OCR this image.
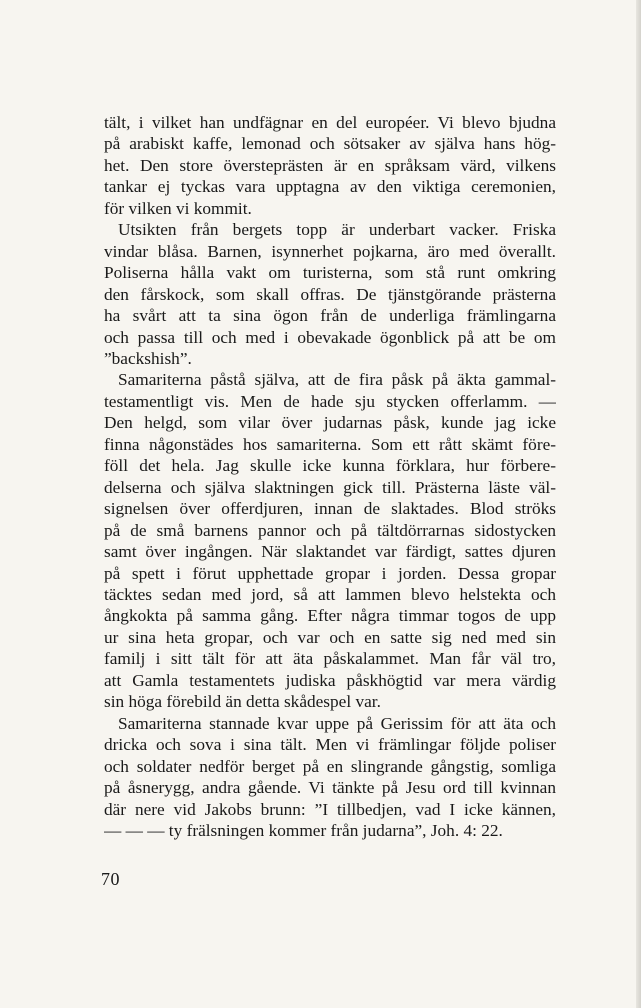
tält, i vilket han undfägnar en del européer. Vi blevo bjudna
på arabiskt kaffe, lemonad och sötsaker av själva hans hög-
het. Den store översteprästen är en språksam värd, vilkens
tankar ej tyckas vara upptagna av den viktiga ceremonien,
för vilken vi kommit.

Utsikten från bergets topp är underbart vacker. Friska
vindar blåsa. Barnen, isynnerhet pojkarna, äro med överallt.
Poliserna hålla vakt om turisterna, som stå runt omkring
den fårskock, som skall offras. De tjänstgörande prästerna
ha svårt att ta sina ögon från de underliga främlingarna
och passa till och med i obevakade ögonblick på att be om
”backshish”.

Samariterna påstå själva, att de fira påsk på äkta gammal-
testamentligt vis. Men de hade sju stycken offerlamm. —
Den helgd, som vilar över judarnas påsk, kunde jag icke
finna någonstädes hos samariterna. Som ett rått skämt före-
föll det hela. Jag skulle icke kunna förklara, hur förbere-
delserna och själva slaktningen gick till. Prästerna läste väl-
signelsen över offerdjuren, innan de slaktades. Blod ströks
på de små barnens pannor och på tältdörrarnas sidostycken
samt över ingången. När slaktandet var färdigt, sattes djuren
på spett i förut upphettade gropar i jorden. Dessa gropar
täcktes sedan med jord, så att lammen blevo helstekta och
ångkokta på samma gång. Efter några timmar togos de upp
ur sina heta gropar, och var och en satte sig ned med sin
familj i sitt tält för att äta påskalammet. Man får väl tro,
att Gamla testamentets judiska påskhögtid var mera värdig
sin höga förebild än detta skådespel var.

Samariterna stannade kvar uppe på Gerissim för att äta och
dricka och sova i sina tält. Men vi främlingar följde poliser
och soldater nedför berget på en slingrande gångstig, somliga
på åsnerygg, andra gående. Vi tänkte på Jesu ord till kvinnan
där nere vid Jakobs brunn: ”I tillbedjen, vad I icke kännen,
— — — ty frälsningen kommer från judarna”, Joh. 4: 22.

70
